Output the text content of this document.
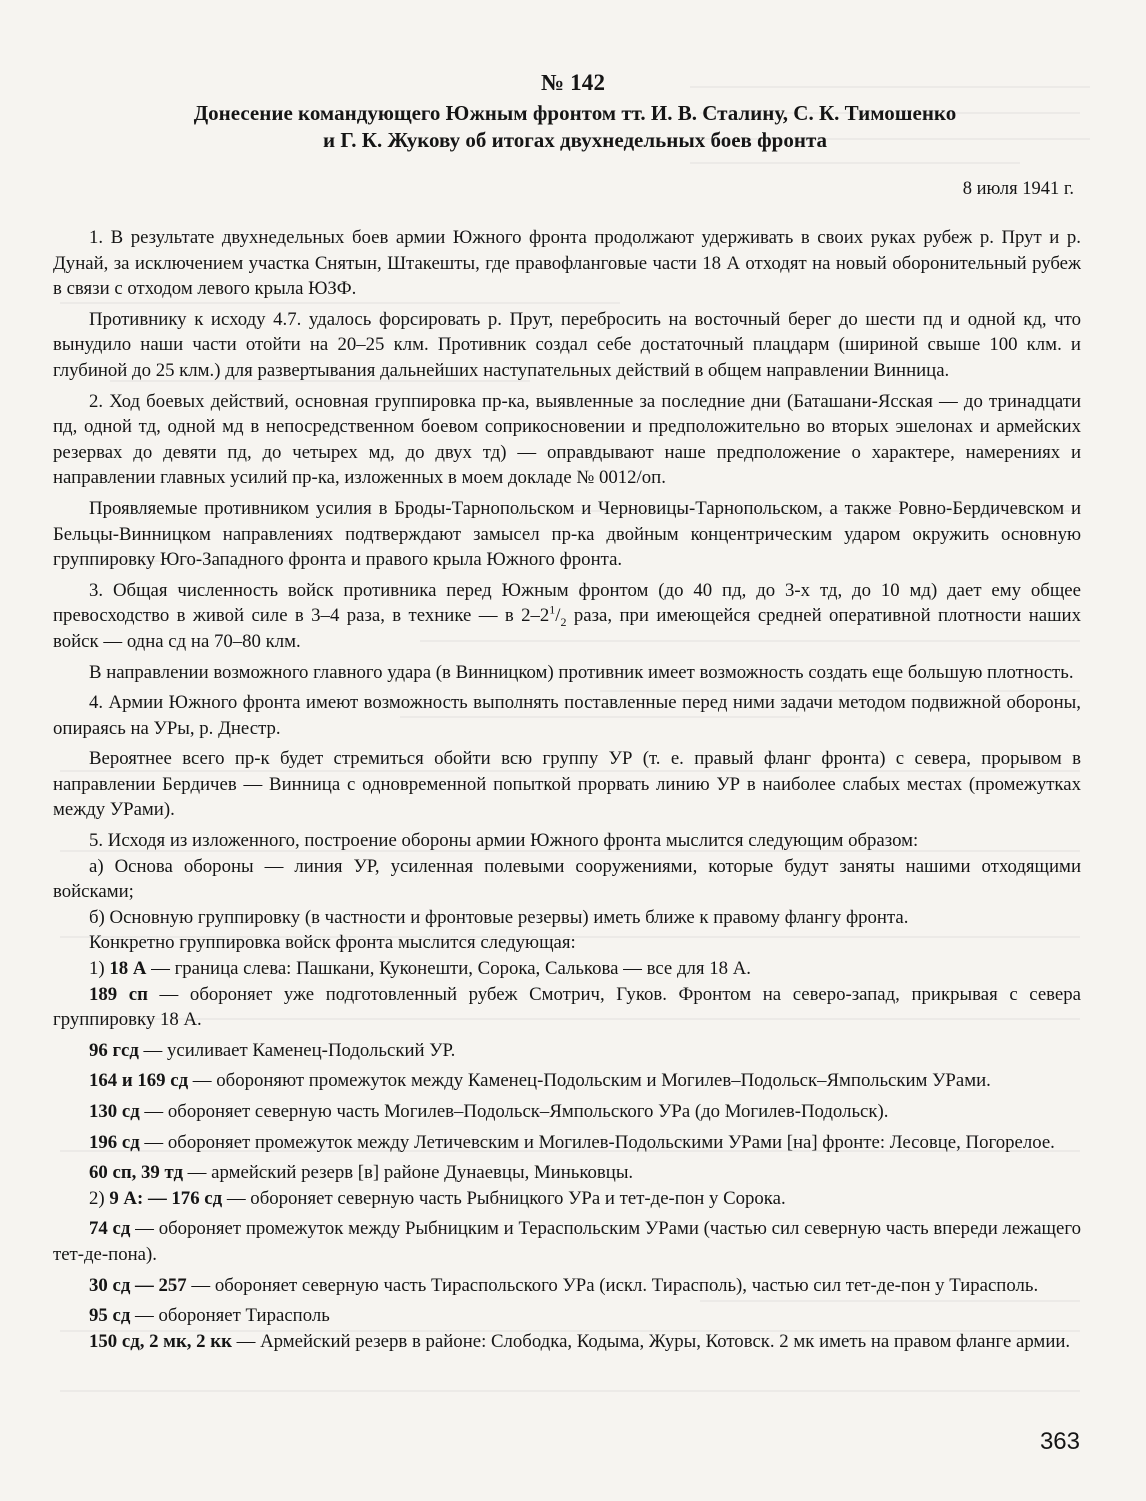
№ 142
Донесение командующего Южным фронтом тт. И. В. Сталину, С. К. Тимошенко
и Г. К. Жукову об итогах двухнедельных боев фронта
8 июля 1941 г.

1. В результате двухнедельных боев армии Южного фронта продолжают удерживать в своих руках рубеж р. Прут и р. Дунай, за исключением участка Снятын, Штакешты, где правофланговые части 18 А отходят на новый оборонительный рубеж в связи с отходом левого крыла ЮЗФ.

Противнику к исходу 4.7. удалось форсировать р. Прут, перебросить на восточный берег до шести пд и одной кд, что вынудило наши части отойти на 20–25 клм. Противник создал себе достаточный плацдарм (шириной свыше 100 клм. и глубиной до 25 клм.) для развертывания дальнейших наступательных действий в общем направлении Винница.

2. Ход боевых действий, основная группировка пр-ка, выявленные за последние дни (Баташани-Ясская — до тринадцати пд, одной тд, одной мд в непосредственном боевом соприкосновении и предположительно во вторых эшелонах и армейских резервах до девяти пд, до четырех мд, до двух тд) — оправдывают наше предположение о характере, намерениях и направлении главных усилий пр-ка, изложенных в моем докладе № 0012/оп.

Проявляемые противником усилия в Броды-Тарнопольском и Черновицы-Тарнопольском, а также Ровно-Бердичевском и Бельцы-Винницком направлениях подтверждают замысел пр-ка двойным концентрическим ударом окружить основную группировку Юго-Западного фронта и правого крыла Южного фронта.

3. Общая численность войск противника перед Южным фронтом (до 40 пд, до 3-х тд, до 10 мд) дает ему общее превосходство в живой силе в 3–4 раза, в технике — в $2-2^1/_2$ раза, при имеющейся средней оперативной плотности наших войск — одна сд на 70–80 клм.

В направлении возможного главного удара (в Винницком) противник имеет возможность создать еще большую плотность.

4. Армии Южного фронта имеют возможность выполнять поставленные перед ними задачи методом подвижной обороны, опираясь на УРы, р. Днестр.

Вероятнее всего пр-к будет стремиться обойти всю группу УР (т. е. правый фланг фронта) с севера, прорывом в направлении Бердичев — Винница с одновременной попыткой прорвать линию УР в наиболее слабых местах (промежутках между УРами).

5. Исходя из изложенного, построение обороны армии Южного фронта мыслится следующим образом:

а) Основа обороны — линия УР, усиленная полевыми сооружениями, которые будут заняты нашими отходящими войсками;

б) Основную группировку (в частности и фронтовые резервы) иметь ближе к правому флангу фронта.

Конкретно группировка войск фронта мыслится следующая:

1) 18 А — граница слева: Пашкани, Куконешти, Сорока, Салькова — все для 18 А.

189 сп — обороняет уже подготовленный рубеж Смотрич, Гуков. Фронтом на северо-запад, прикрывая с севера группировку 18 А.

96 гсд — усиливает Каменец-Подольский УР.

164 и 169 сд — обороняют промежуток между Каменец-Подольским и Могилев–Подольск–Ямпольским УРами.

130 сд — обороняет северную часть Могилев–Подольск–Ямпольского УРа (до Могилев-Подольск).

196 сд — обороняет промежуток между Летичевским и Могилев-Подольскими УРами [на] фронте: Лесовце, Погорелое.

60 сп, 39 тд — армейский резерв [в] районе Дунаевцы, Миньковцы.

2) 9 А: — 176 сд — обороняет северную часть Рыбницкого УРа и тет-де-пон у Сорока.

74 сд — обороняет промежуток между Рыбницким и Тераспольским УРами (частью сил северную часть впереди лежащего тет-де-пона).

30 сд — 257 — обороняет северную часть Тираспольского УРа (искл. Тирасполь), частью сил тет-де-пон у Тирасполь.

95 сд — обороняет Тирасполь

150 сд, 2 мк, 2 кк — Армейский резерв в районе: Слободка, Кодыма, Журы, Котовск. 2 мк иметь на правом фланге армии.

363
